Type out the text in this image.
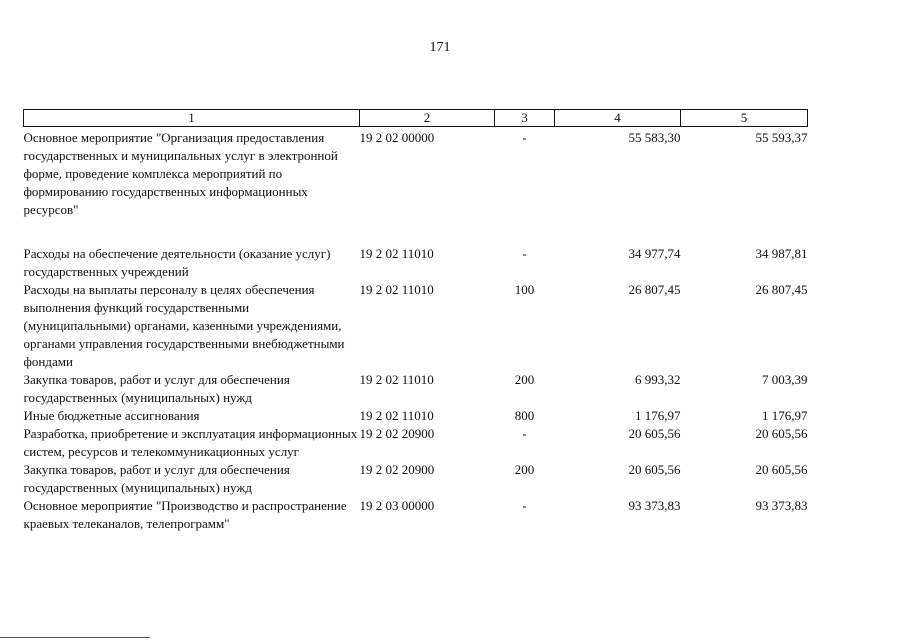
171
1	2	3	4	5
Основное мероприятие "Организация предоставления государственных и муниципальных услуг в электронной форме, проведение комплекса мероприятий по формированию государственных информационных ресурсов"	19 2 02 00000	-	55 583,30	55 593,37
Расходы на обеспечение деятельности (оказание услуг) государственных учреждений	19 2 02 11010	-	34 977,74	34 987,81
Расходы на выплаты персоналу в целях обеспечения выполнения функций государственными (муниципальными) органами, казенными учреждениями, органами управления государственными внебюджетными фондами	19 2 02 11010	100	26 807,45	26 807,45
Закупка товаров, работ и услуг для обеспечения государственных (муниципальных) нужд	19 2 02 11010	200	6 993,32	7 003,39
Иные бюджетные ассигнования	19 2 02 11010	800	1 176,97	1 176,97
Разработка, приобретение и эксплуатация информационных систем, ресурсов и телекоммуникационных услуг	19 2 02 20900	-	20 605,56	20 605,56
Закупка товаров, работ и услуг для обеспечения государственных (муниципальных) нужд	19 2 02 20900	200	20 605,56	20 605,56
Основное мероприятие "Производство и распространение краевых телеканалов, телепрограмм"	19 2 03 00000	-	93 373,83	93 373,83
